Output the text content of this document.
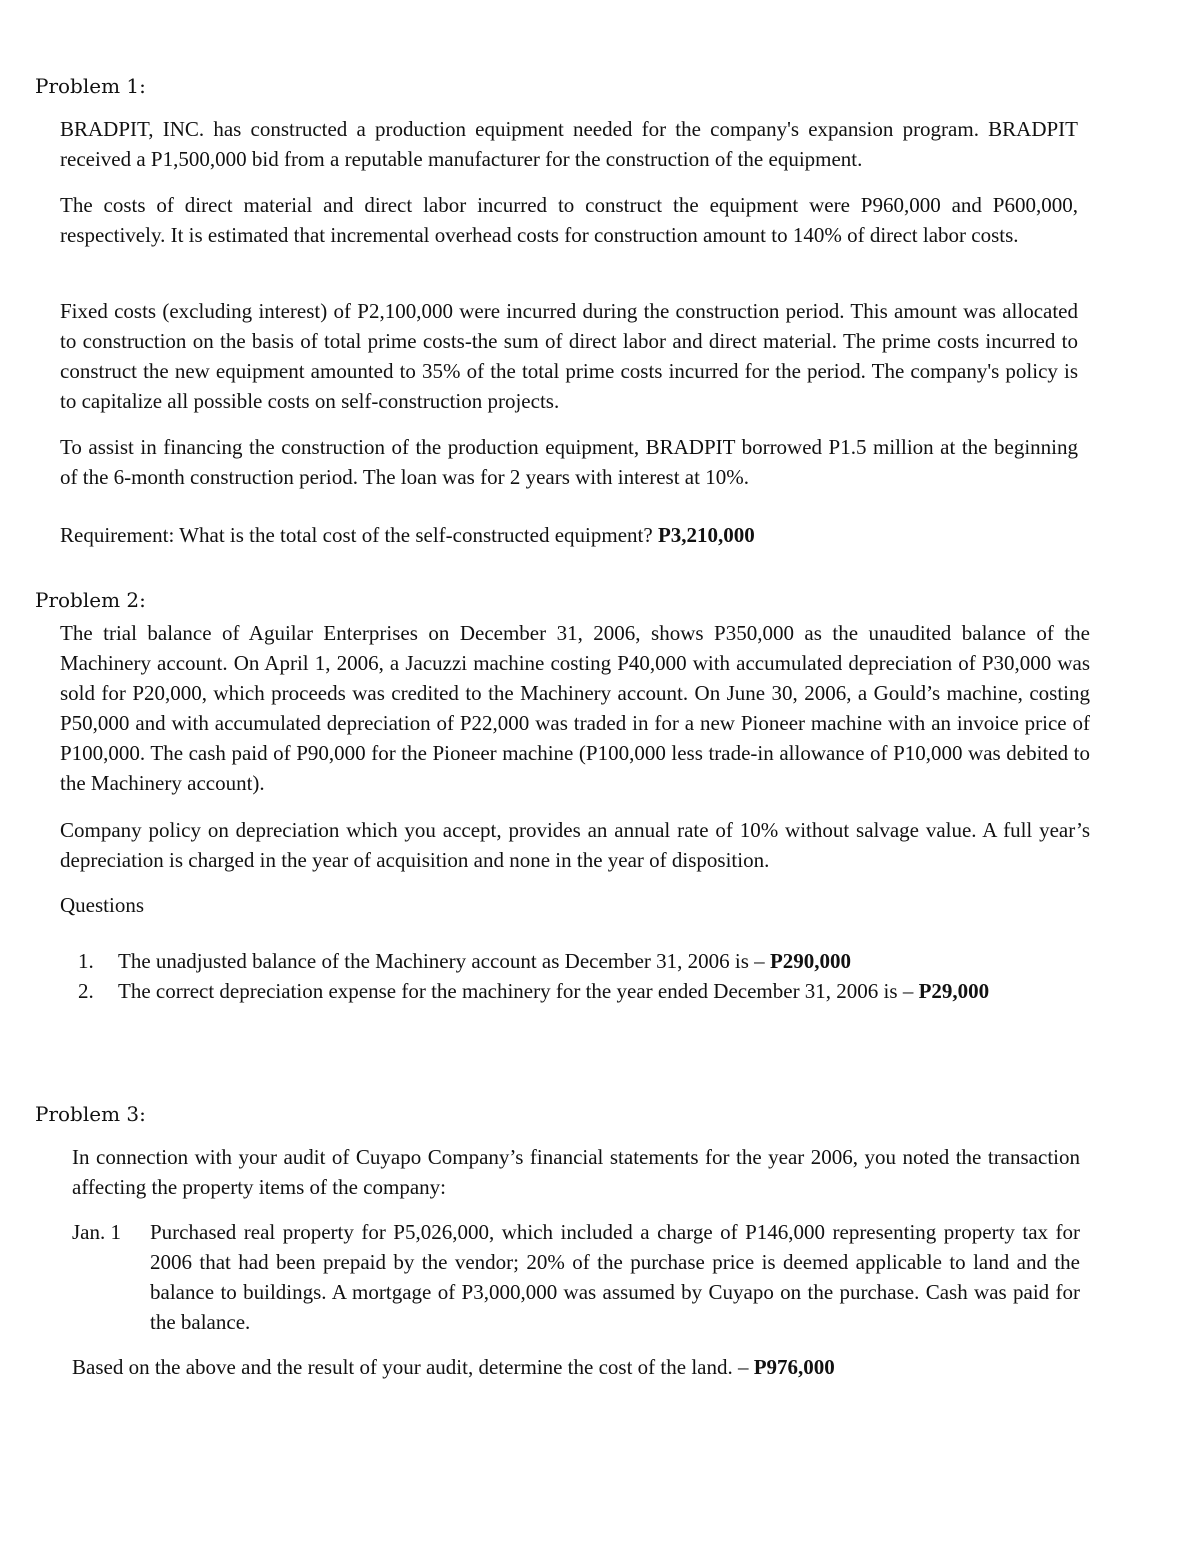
Problem 1:

BRADPIT, INC. has constructed a production equipment needed for the company's expansion program. BRADPIT received a P1,500,000 bid from a reputable manufacturer for the construction of the equipment.

The costs of direct material and direct labor incurred to construct the equipment were P960,000 and P600,000, respectively. It is estimated that incremental overhead costs for construction amount to 140% of direct labor costs.

Fixed costs (excluding interest) of P2,100,000 were incurred during the construction period. This amount was allocated to construction on the basis of total prime costs-the sum of direct labor and direct material. The prime costs incurred to construct the new equipment amounted to 35% of the total prime costs incurred for the period. The company's policy is to capitalize all possible costs on self-construction projects.

To assist in financing the construction of the production equipment, BRADPIT borrowed P1.5 million at the beginning of the 6-month construction period. The loan was for 2 years with interest at 10%.

Requirement: What is the total cost of the self-constructed equipment? P3,210,000

Problem 2:

The trial balance of Aguilar Enterprises on December 31, 2006, shows P350,000 as the unaudited balance of the Machinery account. On April 1, 2006, a Jacuzzi machine costing P40,000 with accumulated depreciation of P30,000 was sold for P20,000, which proceeds was credited to the Machinery account. On June 30, 2006, a Gould’s machine, costing P50,000 and with accumulated depreciation of P22,000 was traded in for a new Pioneer machine with an invoice price of P100,000. The cash paid of P90,000 for the Pioneer machine (P100,000 less trade-in allowance of P10,000 was debited to the Machinery account).

Company policy on depreciation which you accept, provides an annual rate of 10% without salvage value. A full year’s depreciation is charged in the year of acquisition and none in the year of disposition.

Questions

1. The unadjusted balance of the Machinery account as December 31, 2006 is – P290,000
2. The correct depreciation expense for the machinery for the year ended December 31, 2006 is – P29,000
Problem 3:

In connection with your audit of Cuyapo Company’s financial statements for the year 2006, you noted the transaction affecting the property items of the company:

Jan. 1 Purchased real property for P5,026,000, which included a charge of P146,000 representing property tax for 2006 that had been prepaid by the vendor; 20% of the purchase price is deemed applicable to land and the balance to buildings. A mortgage of P3,000,000 was assumed by Cuyapo on the purchase. Cash was paid for the balance.

Based on the above and the result of your audit, determine the cost of the land. – P976,000
